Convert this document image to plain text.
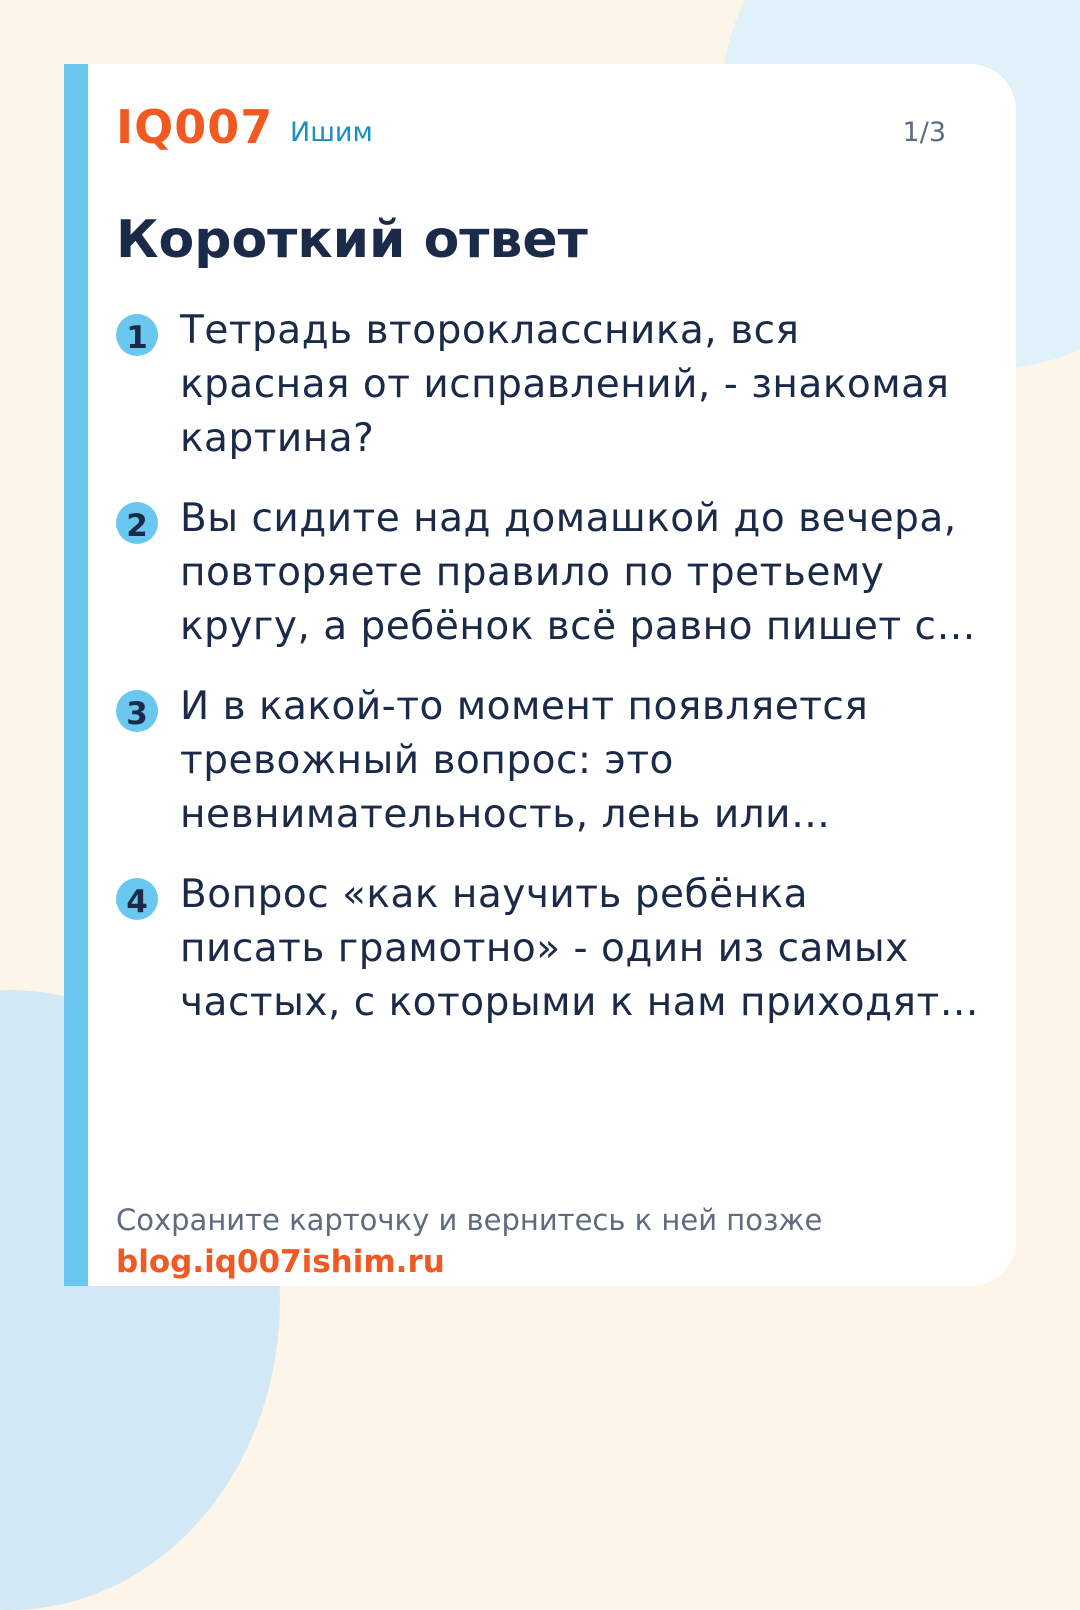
IQ007 Ишим	1/3
Короткий ответ
1 Тетрадь второклассника, вся
красная от исправлений, - знакомая
картина?
2 Вы сидите над домашкой до вечера,
повторяете правило по третьему
кругу, а ребёнок всё равно пишет с…
3 И в какой-то момент появляется
тревожный вопрос: это
невнимательность, лень или…
4 Вопрос «как научить ребёнка
писать грамотно» - один из самых
частых, с которыми к нам приходят…
Сохраните карточку и вернитесь к ней позже
blog.iq007ishim.ru
